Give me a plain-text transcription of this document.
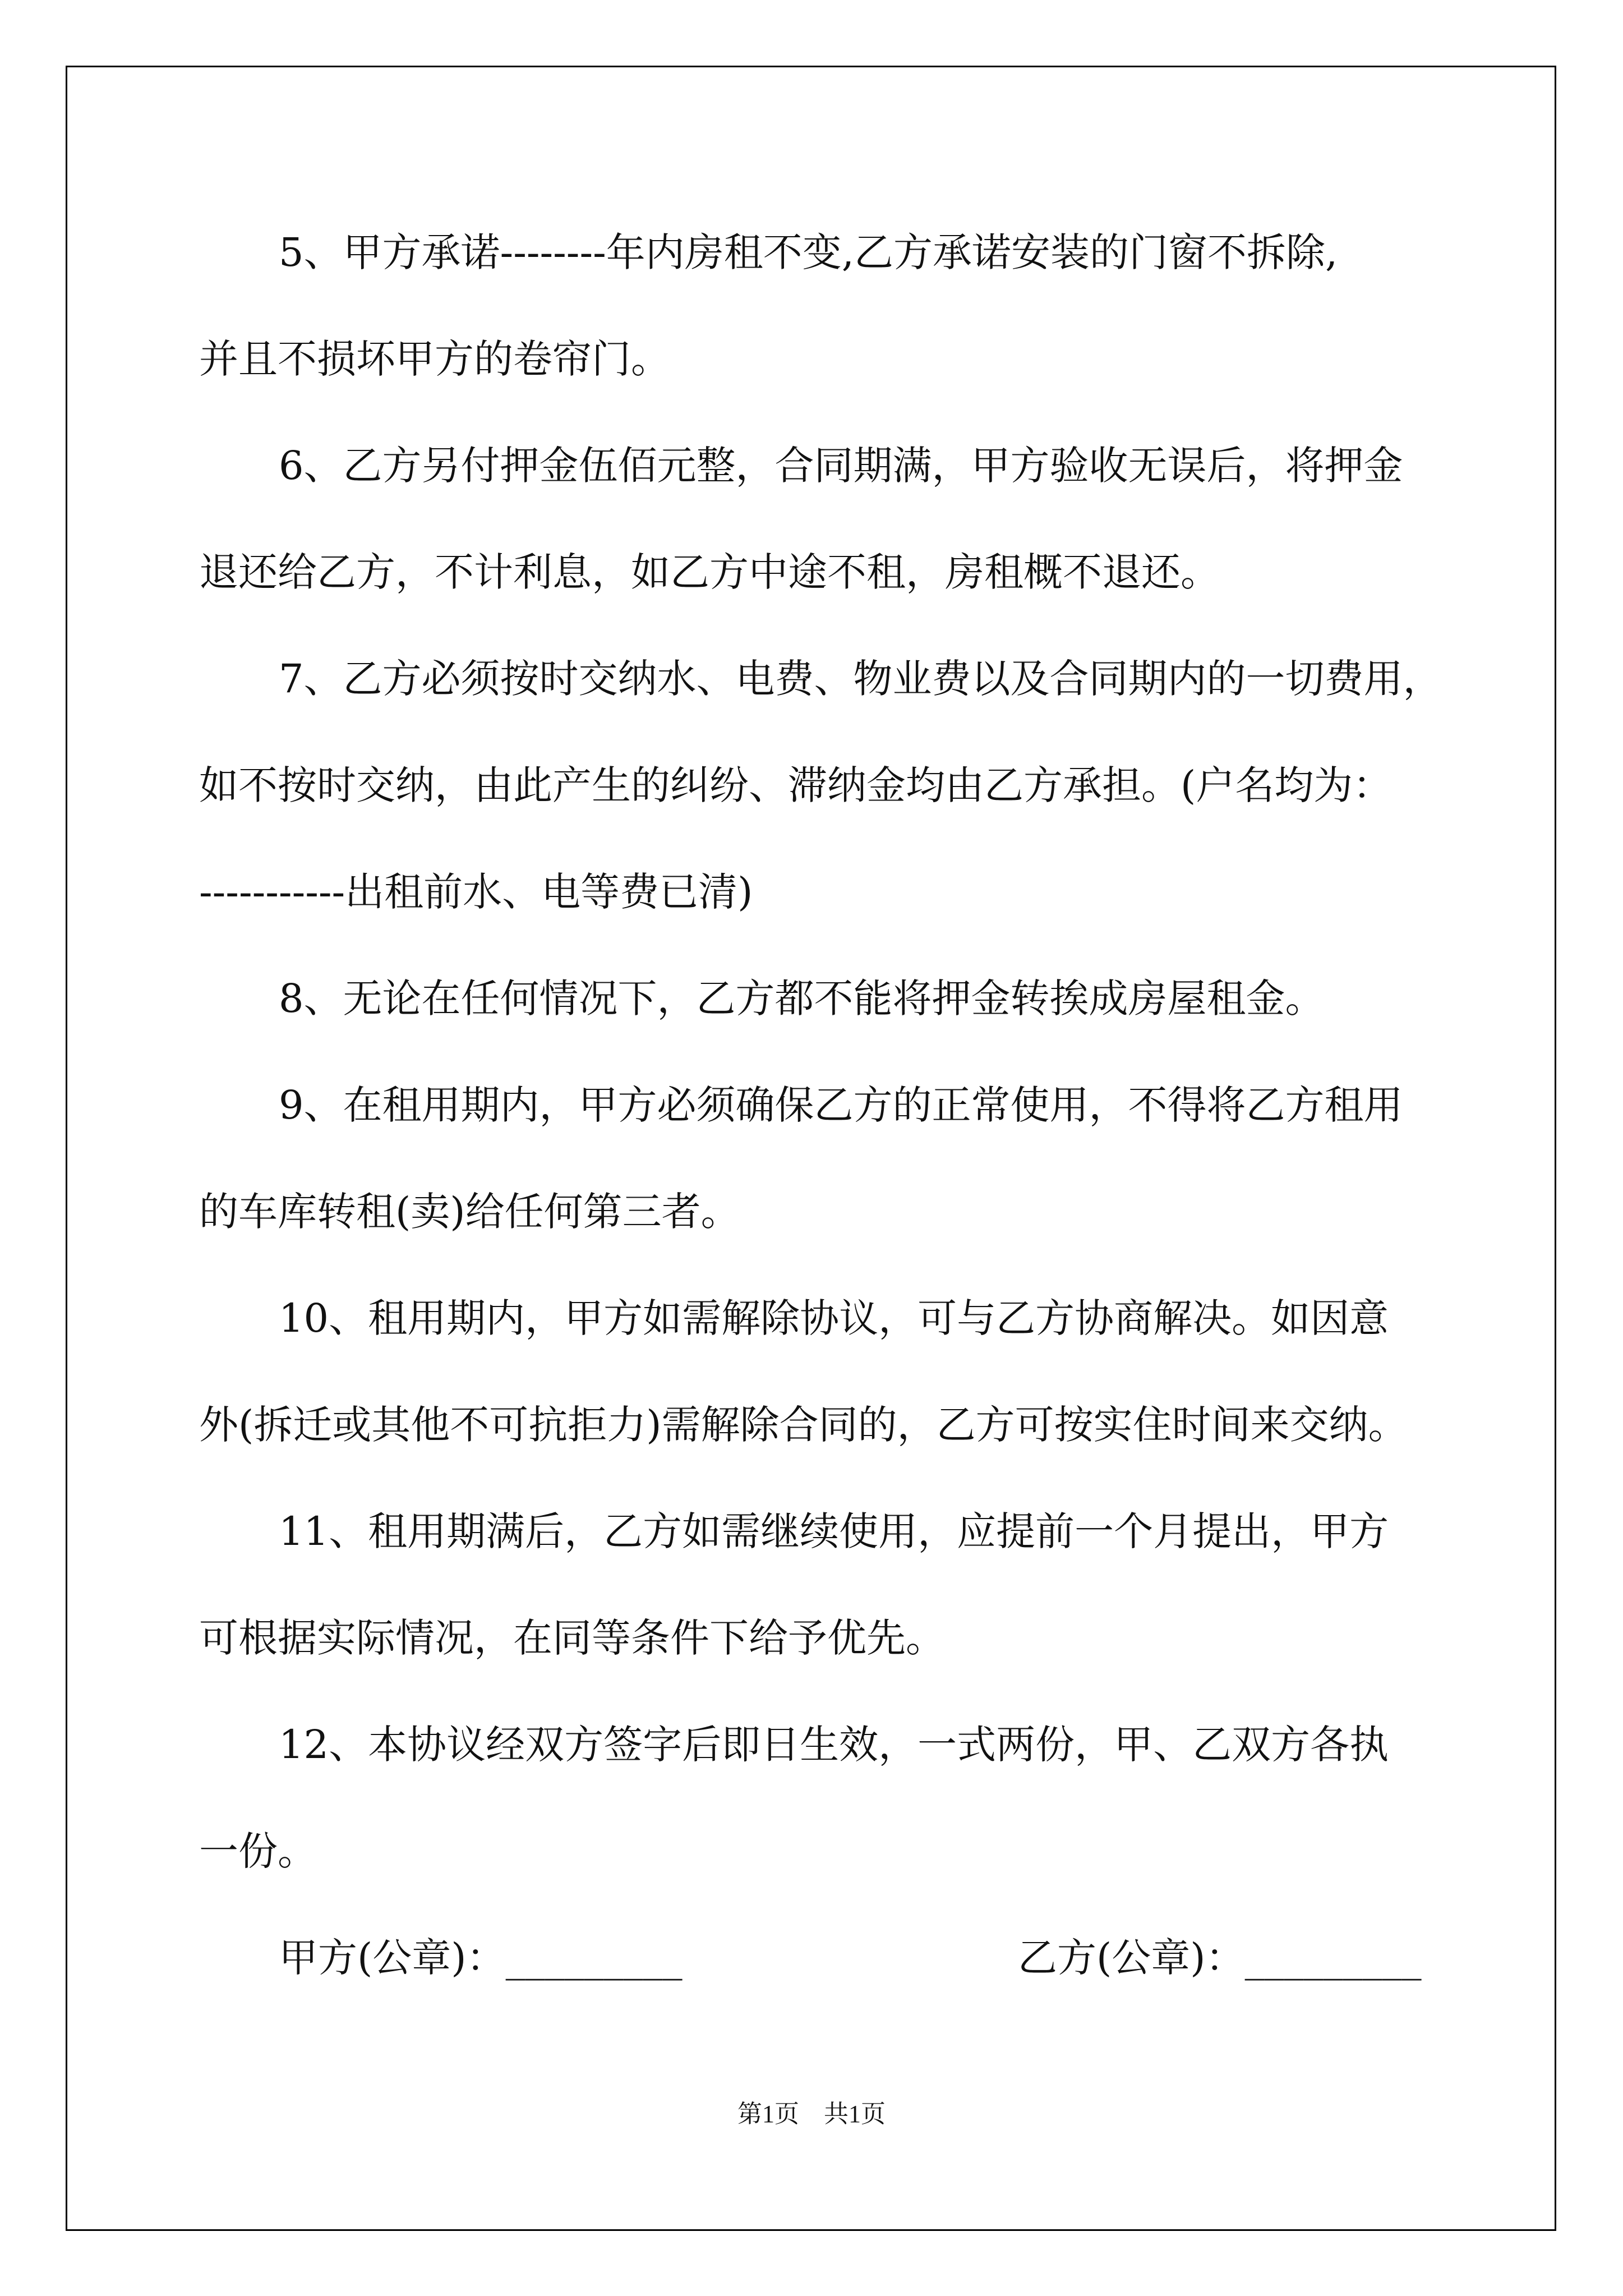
5、甲方承诺--------年内房租不变,乙方承诺安装的门窗不拆除,
并且不损坏甲方的卷帘门。
6、乙方另付押金伍佰元整，合同期满，甲方验收无误后，将押金
退还给乙方，不计利息，如乙方中途不租，房租概不退还。
7、乙方必须按时交纳水、电费、物业费以及合同期内的一切费用，
如不按时交纳，由此产生的纠纷、滞纳金均由乙方承担。(户名均为：
-----------出租前水、电等费已清)
8、无论在任何情况下，乙方都不能将押金转挨成房屋租金。
9、在租用期内，甲方必须确保乙方的正常使用，不得将乙方租用
的车库转租(卖)给任何第三者。
10、租用期内，甲方如需解除协议，可与乙方协商解决。如因意
外(拆迁或其他不可抗拒力)需解除合同的，乙方可按实住时间来交纳。
11、租用期满后，乙方如需继续使用，应提前一个月提出，甲方
可根据实际情况，在同等条件下给予优先。
12、本协议经双方签字后即日生效，一式两份，甲、乙双方各执
一份。
甲方(公章)：_________	乙方(公章)：_________
第1页　共1页
